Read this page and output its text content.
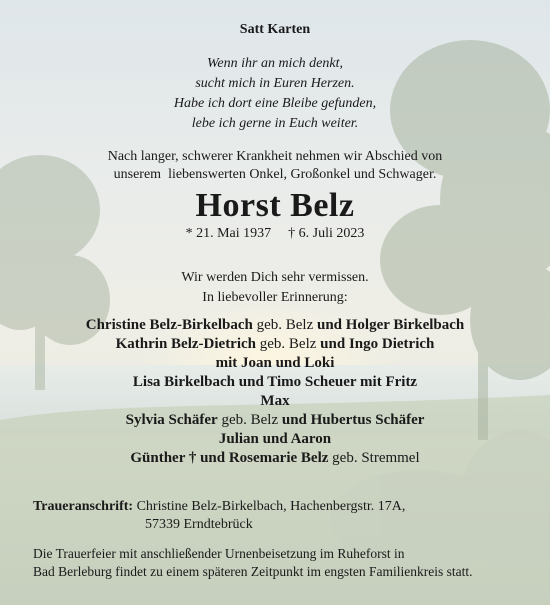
Satt Karten
Wenn ihr an mich denkt,
sucht mich in Euren Herzen.
Habe ich dort eine Bleibe gefunden,
lebe ich gerne in Euch weiter.
Nach langer, schwerer Krankheit nehmen wir Abschied von
unserem  liebenswerten Onkel, Großonkel und Schwager.
Horst Belz
* 21. Mai 1937 † 6. Juli 2023
Wir werden Dich sehr vermissen.
In liebevoller Erinnerung:
Christine Belz-Birkelbach geb. Belz und Holger Birkelbach
Kathrin Belz-Dietrich geb. Belz und Ingo Dietrich
mit Joan und Loki
Lisa Birkelbach und Timo Scheuer mit Fritz
Max
Sylvia Schäfer geb. Belz und Hubertus Schäfer
Julian und Aaron
Günther † und Rosemarie Belz geb. Stremmel
Traueranschrift: Christine Belz-Birkelbach, Hachenbergstr. 17A,
57339 Erndtebrück
Die Trauerfeier mit anschließender Urnenbeisetzung im Ruheforst in
Bad Berleburg findet zu einem späteren Zeitpunkt im engsten Familienkreis statt.
